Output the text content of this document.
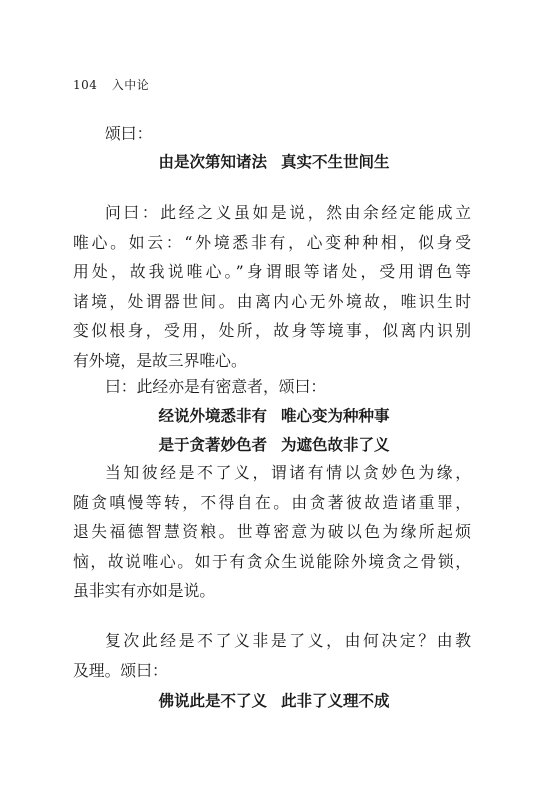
104 入中论
颂曰：
由是次第知诸法 真实不生世间生
问曰：此经之义虽如是说，然由余经定能成立
唯心。如云：“外境悉非有，心变种种相，似身受
用处，故我说唯心。”身谓眼等诸处，受用谓色等
诸境，处谓器世间。由离内心无外境故，唯识生时
变似根身，受用，处所，故身等境事，似离内识别
有外境，是故三界唯心。
曰：此经亦是有密意者，颂曰：
经说外境悉非有 唯心变为种种事
是于贪著妙色者 为遮色故非了义
当知彼经是不了义，谓诸有情以贪妙色为缘，
随贪嗔慢等转，不得自在。由贪著彼故造诸重罪，
退失福德智慧资粮。世尊密意为破以色为缘所起烦
恼，故说唯心。如于有贪众生说能除外境贪之骨锁，
虽非实有亦如是说。
复次此经是不了义非是了义，由何决定？由教
及理。颂曰：
佛说此是不了义 此非了义理不成
